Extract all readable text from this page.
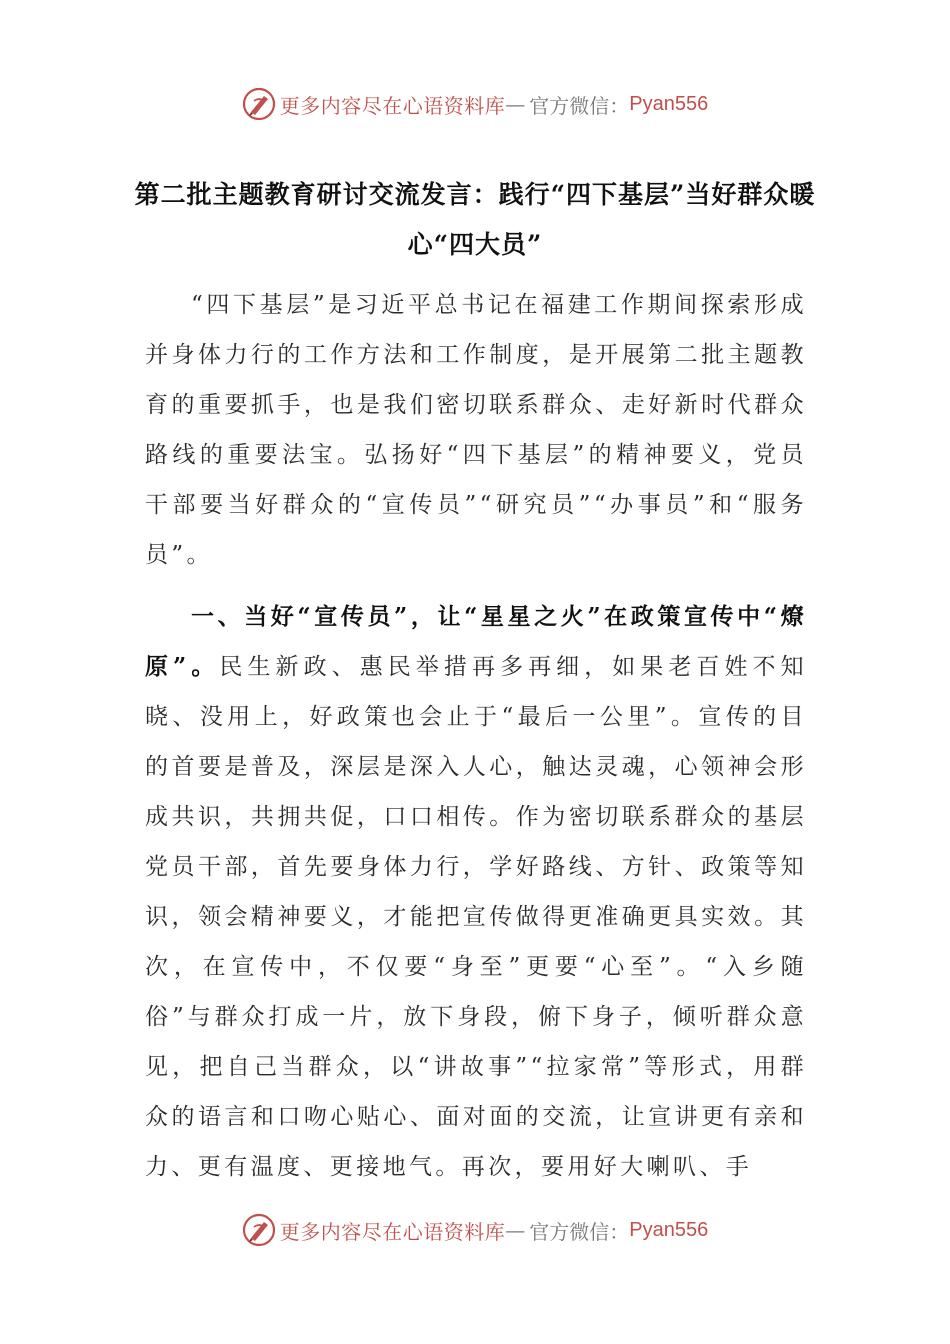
更多内容尽在心语资料库 — 官方微信： Pyan556
第二批主题教育研讨交流发言：践行“四下基层”当好群众暖心“四大员”

“四下基层”是习近平总书记在福建工作期间探索形成并身体力行的工作方法和工作制度，是开展第二批主题教育的重要抓手，也是我们密切联系群众、走好新时代群众路线的重要法宝。弘扬好“四下基层”的精神要义，党员干部要当好群众的“宣传员”“研究员”“办事员”和“服务员”。

一、当好“宣传员”，让“星星之火”在政策宣传中“燎原”。民生新政、惠民举措再多再细，如果老百姓不知晓、没用上，好政策也会止于“最后一公里”。宣传的目的首要是普及，深层是深入人心，触达灵魂，心领神会形成共识，共拥共促，口口相传。作为密切联系群众的基层党员干部，首先要身体力行，学好路线、方针、政策等知识，领会精神要义，才能把宣传做得更准确更具实效。其次，在宣传中，不仅要“身至”更要“心至”。“入乡随俗”与群众打成一片，放下身段，俯下身子，倾听群众意见，把自己当群众，以“讲故事”“拉家常”等形式，用群众的语言和口吻心贴心、面对面的交流，让宣讲更有亲和力、更有温度、更接地气。再次，要用好大喇叭、手

更多内容尽在心语资料库 — 官方微信： Pyan556
